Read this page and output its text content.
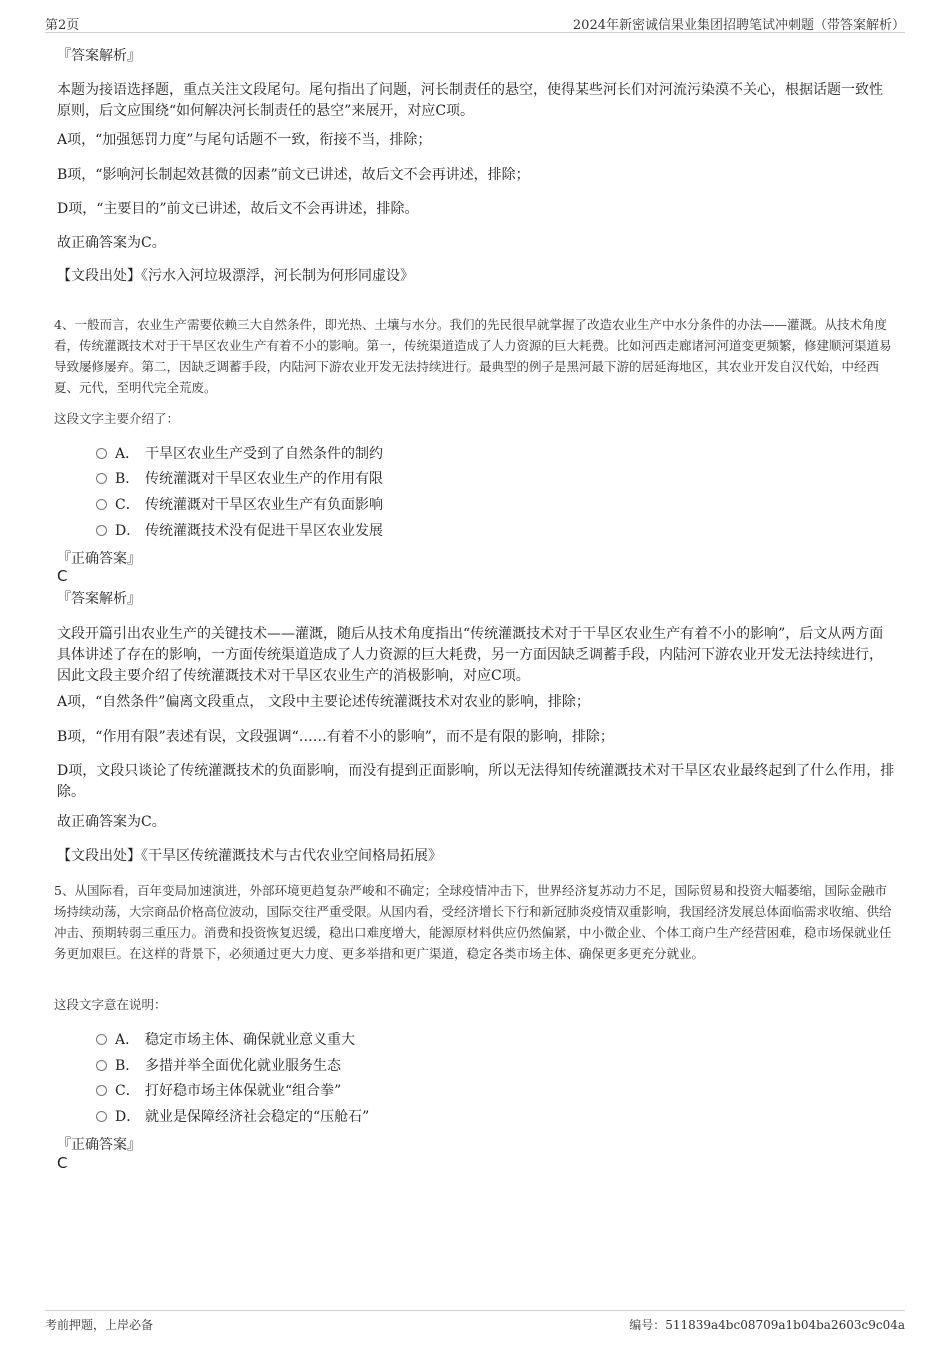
第2页	2024年新密诚信果业集团招聘笔试冲刺题（带答案解析）
『答案解析』
本题为接语选择题，重点关注文段尾句。尾句指出了问题，河长制责任的悬空，使得某些河长们对河流污染漠不关心，根据话题一致性原则，后文应围绕“如何解决河长制责任的悬空”来展开，对应C项。
A项，“加强惩罚力度”与尾句话题不一致，衔接不当，排除；
B项，“影响河长制起效甚微的因素”前文已讲述，故后文不会再讲述，排除；
D项，“主要目的”前文已讲述，故后文不会再讲述，排除。
故正确答案为C。
【文段出处】《污水入河垃圾漂浮，河长制为何形同虚设》
4、一般而言，农业生产需要依赖三大自然条件，即光热、土壤与水分。我们的先民很早就掌握了改造农业生产中水分条件的办法——灌溉。从技术角度看，传统灌溉技术对于干旱区农业生产有着不小的影响。第一，传统渠道造成了人力资源的巨大耗费。比如河西走廊诸河河道变更频繁，修建顺河渠道易导致屡修屡弃。第二，因缺乏调蓄手段，内陆河下游农业开发无法持续进行。最典型的例子是黑河最下游的居延海地区，其农业开发自汉代始，中经西夏、元代，至明代完全荒废。
这段文字主要介绍了：
A． 干旱区农业生产受到了自然条件的制约
B． 传统灌溉对干旱区农业生产的作用有限
C． 传统灌溉对干旱区农业生产有负面影响
D． 传统灌溉技术没有促进干旱区农业发展
『正确答案』
C
『答案解析』
文段开篇引出农业生产的关键技术——灌溉，随后从技术角度指出“传统灌溉技术对于干旱区农业生产有着不小的影响”，后文从两方面具体讲述了存在的影响，一方面传统渠道造成了人力资源的巨大耗费，另一方面因缺乏调蓄手段，内陆河下游农业开发无法持续进行，因此文段主要介绍了传统灌溉技术对干旱区农业生产的消极影响，对应C项。
A项，“自然条件”偏离文段重点， 文段中主要论述传统灌溉技术对农业的影响，排除；
B项，“作用有限”表述有误，文段强调“……有着不小的影响”，而不是有限的影响，排除；
D项，文段只谈论了传统灌溉技术的负面影响，而没有提到正面影响，所以无法得知传统灌溉技术对干旱区农业最终起到了什么作用，排除。
故正确答案为C。
【文段出处】《干旱区传统灌溉技术与古代农业空间格局拓展》
5、从国际看，百年变局加速演进，外部环境更趋复杂严峻和不确定；全球疫情冲击下，世界经济复苏动力不足，国际贸易和投资大幅萎缩，国际金融市场持续动荡，大宗商品价格高位波动，国际交往严重受限。从国内看，受经济增长下行和新冠肺炎疫情双重影响，我国经济发展总体面临需求收缩、供给冲击、预期转弱三重压力。消费和投资恢复迟缓，稳出口难度增大，能源原材料供应仍然偏紧，中小微企业、个体工商户生产经营困难，稳市场保就业任务更加艰巨。在这样的背景下，必须通过更大力度、更多举措和更广渠道，稳定各类市场主体、确保更多更充分就业。
这段文字意在说明：
A． 稳定市场主体、确保就业意义重大
B． 多措并举全面优化就业服务生态
C． 打好稳市场主体保就业“组合拳”
D． 就业是保障经济社会稳定的“压舱石”
『正确答案』
C
考前押题，上岸必备	编号：511839a4bc08709a1b04ba2603c9c04a
